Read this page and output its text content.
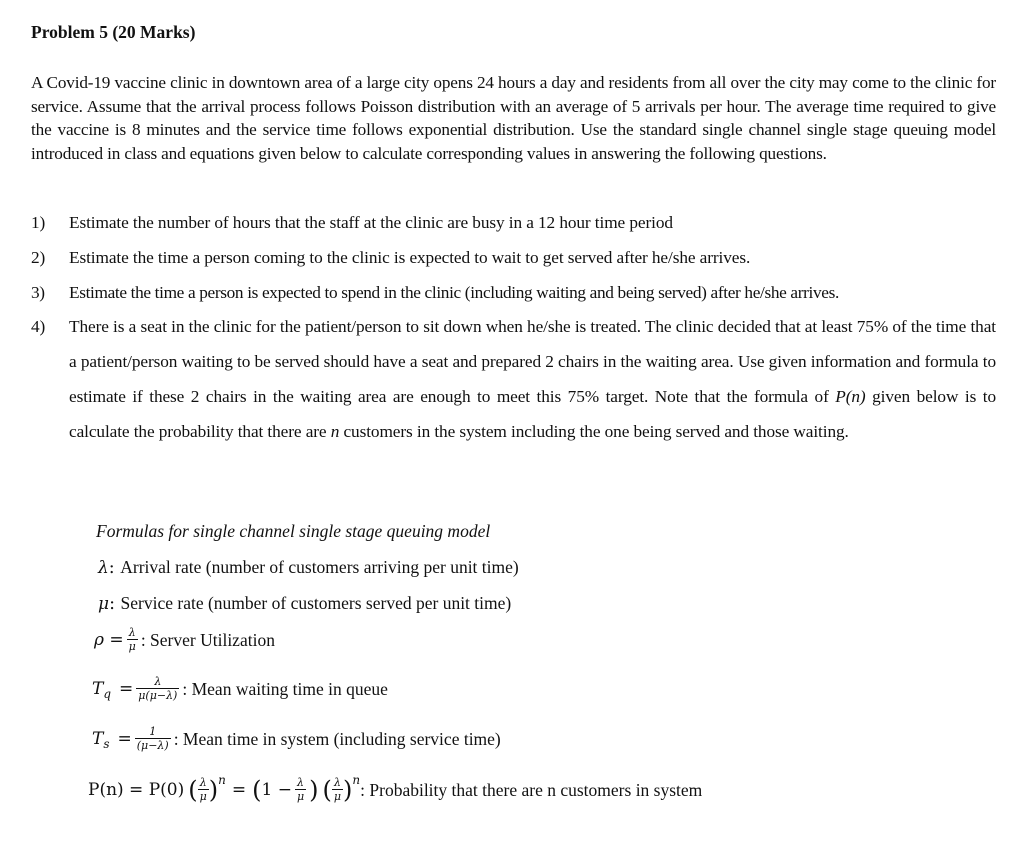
Problem 5 (20 Marks)
A Covid-19 vaccine clinic in downtown area of a large city opens 24 hours a day and residents from all over the city may come to the clinic for service. Assume that the arrival process follows Poisson distribution with an average of 5 arrivals per hour. The average time required to give the vaccine is 8 minutes and the service time follows exponential distribution. Use the standard single channel single stage queuing model introduced in class and equations given below to calculate corresponding values in answering the following questions.
1)	Estimate the number of hours that the staff at the clinic are busy in a 12 hour time period
2)	Estimate the time a person coming to the clinic is expected to wait to get served after he/she arrives.
3)	Estimate the time a person is expected to spend in the clinic (including waiting and being served) after he/she arrives.
4)	There is a seat in the clinic for the patient/person to sit down when he/she is treated. The clinic decided that at least 75% of the time that a patient/person waiting to be served should have a seat and prepared 2 chairs in the waiting area. Use given information and formula to estimate if these 2 chairs in the waiting area are enough to meet this 75% target. Note that the formula of P(n) given below is to calculate the probability that there are n customers in the system including the one being served and those waiting.
Formulas for single channel single stage queuing model
λ : Arrival rate (number of customers arriving per unit time)
μ : Service rate (number of customers served per unit time)
$\rho = \frac{\lambda}{\mu}$ : Server Utilization
T $q = \frac{\lambda}{\mu(\mu-\lambda)}$ : Mean waiting time in queue
T $s = \frac{1}{(\mu-\lambda)}$ : Mean time in system (including service time)
P(n) = P(0) ( $\frac{\lambda}{\mu}$ ) n = ( $1 - \frac{\lambda}{\mu}$ ) ( $\frac{\lambda}{\mu}$ ) n : Probability that there are n customers in system
